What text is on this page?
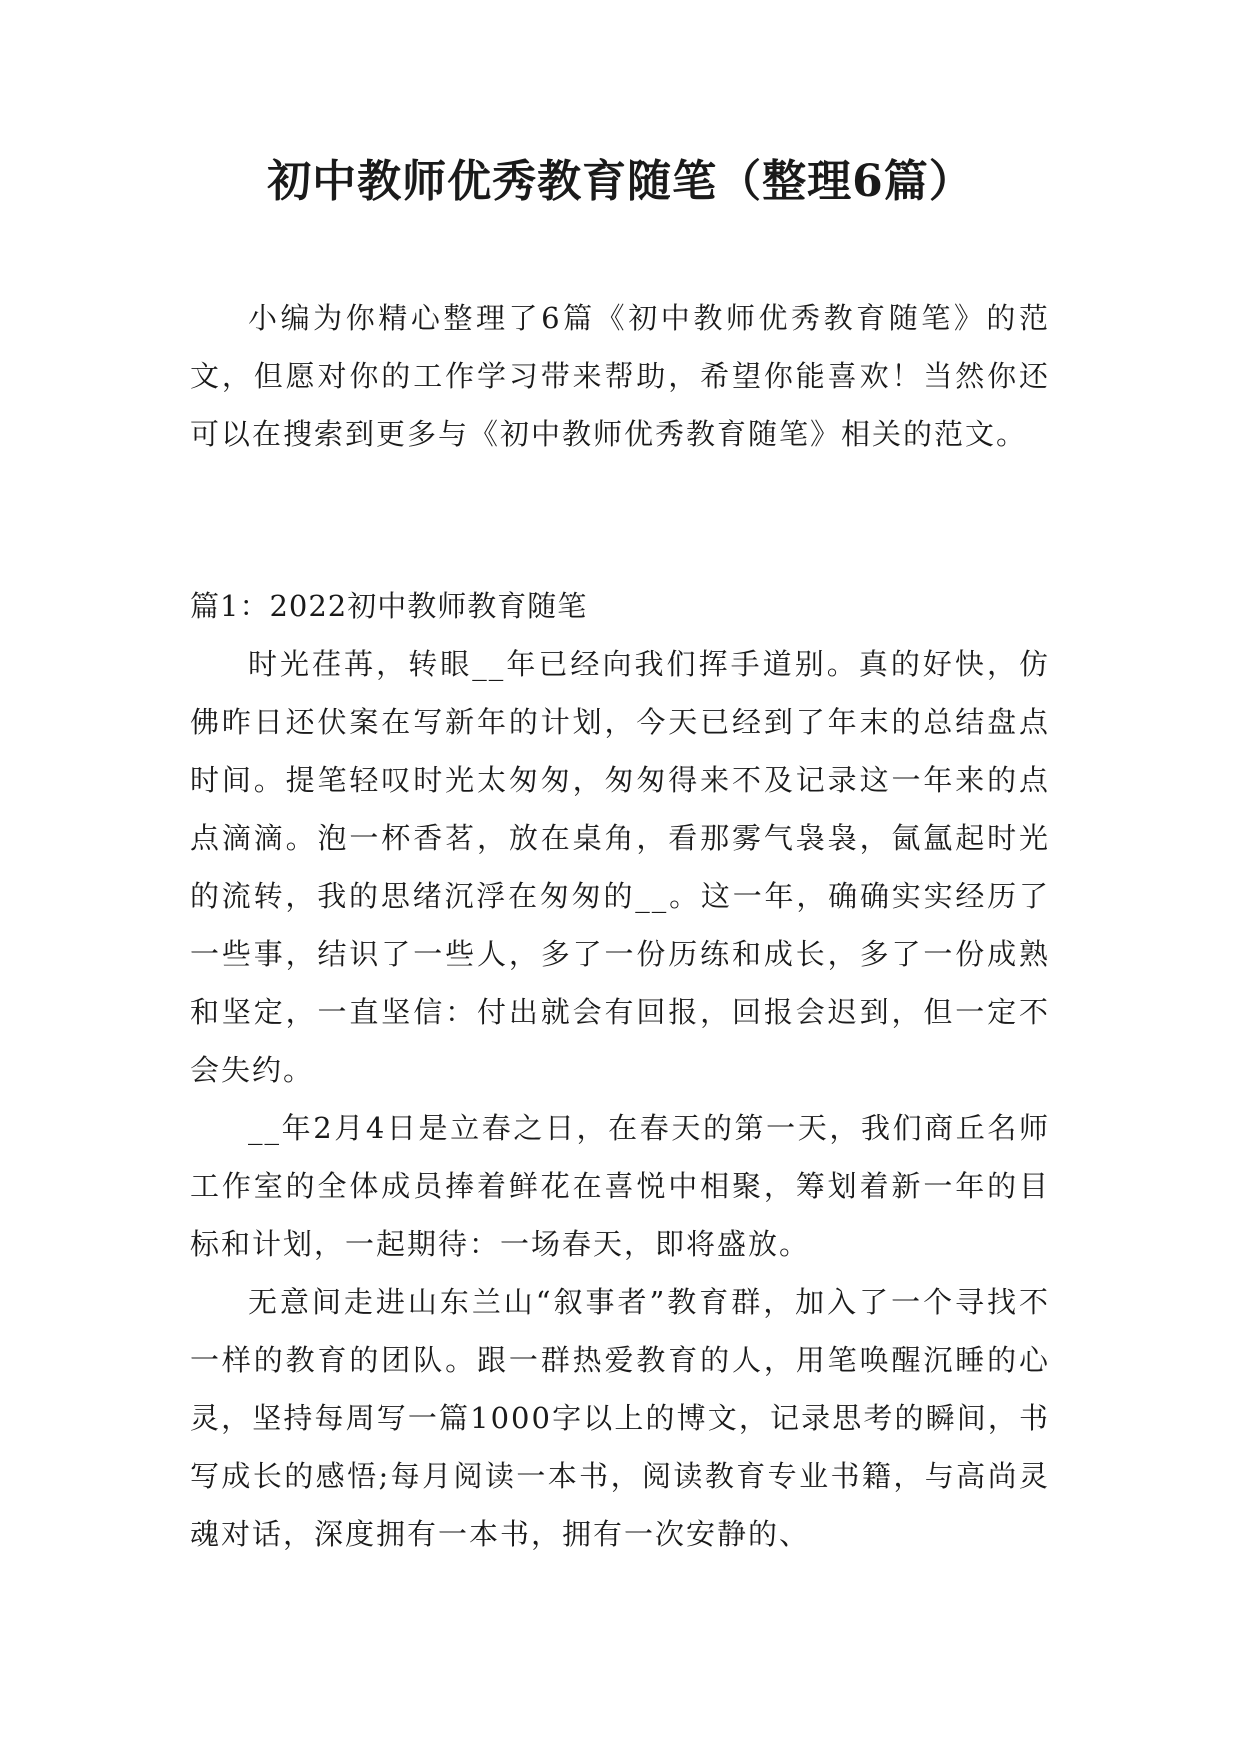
初中教师优秀教育随笔（整理6篇）

小编为你精心整理了6篇《初中教师优秀教育随笔》的范文，但愿对你的工作学习带来帮助，希望你能喜欢！当然你还可以在搜索到更多与《初中教师优秀教育随笔》相关的范文。

篇1：2022初中教师教育随笔

时光荏苒，转眼__年已经向我们挥手道别。真的好快，仿佛昨日还伏案在写新年的计划，今天已经到了年末的总结盘点时间。提笔轻叹时光太匆匆，匆匆得来不及记录这一年来的点点滴滴。泡一杯香茗，放在桌角，看那雾气袅袅，氤氲起时光的流转，我的思绪沉浮在匆匆的__。这一年，确确实实经历了一些事，结识了一些人，多了一份历练和成长，多了一份成熟和坚定，一直坚信：付出就会有回报，回报会迟到，但一定不会失约。

__年2月4日是立春之日，在春天的第一天，我们商丘名师工作室的全体成员捧着鲜花在喜悦中相聚，筹划着新一年的目标和计划，一起期待：一场春天，即将盛放。

无意间走进山东兰山“叙事者”教育群，加入了一个寻找不一样的教育的团队。跟一群热爱教育的人，用笔唤醒沉睡的心灵，坚持每周写一篇1000字以上的博文，记录思考的瞬间，书写成长的感悟;每月阅读一本书，阅读教育专业书籍，与高尚灵魂对话，深度拥有一本书，拥有一次安静的、
